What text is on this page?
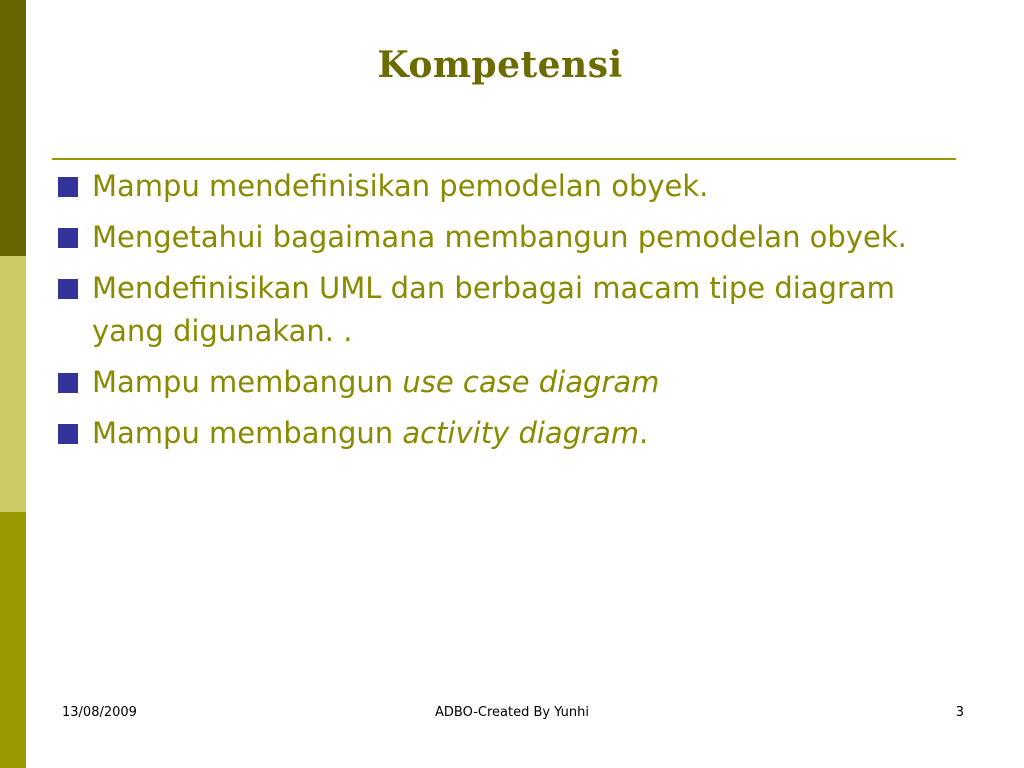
Kompetensi
Mampu mendefinisikan pemodelan obyek.
Mengetahui bagaimana membangun pemodelan obyek.
Mendefinisikan UML dan berbagai macam tipe diagram yang digunakan. .
Mampu membangun use case diagram
Mampu membangun activity diagram.
13/08/2009	ADBO-Created By Yunhi	3
